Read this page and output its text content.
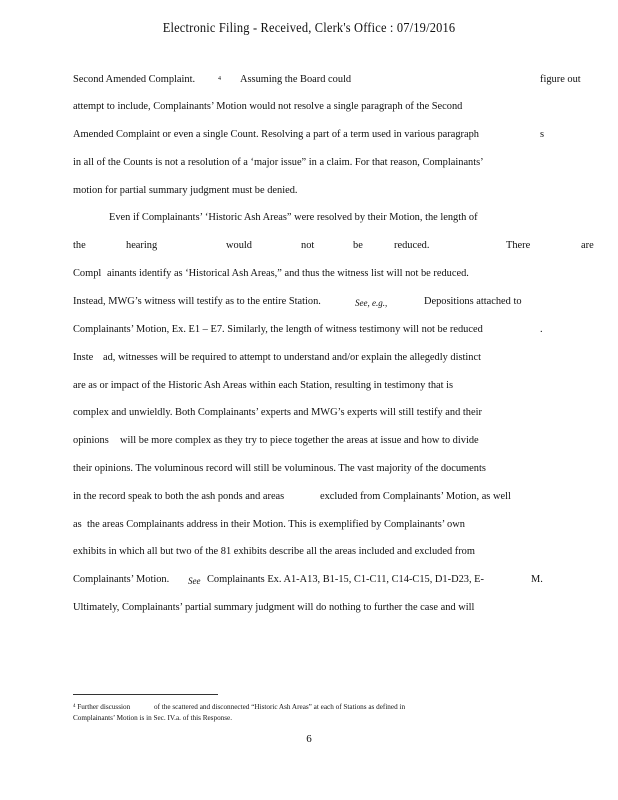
Electronic Filing - Received, Clerk's Office : 07/19/2016
Second Amended Complaint.	4 Assuming the Board could	figure out
attempt to include, Complainants’ Motion would not resolve a single paragraph of the Second
Amended Complaint or even a single Count. Resolving a part of a term used in various paragraph	s
in all of the Counts is not a resolution of a ‘major issue” in a claim. For that reason, Complainants’
motion for partial summary judgment must be denied.
Even if Complainants’ ‘Historic Ash Areas” were resolved by their Motion, the length of
the	hearing	would	not	be	reduced.	There	are
Compl ainants identify as ‘Historical Ash Areas,” and thus the witness list will not be reduced.
Instead, MWG’s witness will testify as to the entire Station.	See, e.g.,	Depositions attached to
Complainants’ Motion, Ex. E1 – E7. Similarly, the length of witness testimony will not be reduced	.
Inste ad, witnesses will be required to attempt to understand and/or explain the allegedly distinct
are as or impact of the Historic Ash Areas within each Station, resulting in testimony that is
complex and unwieldly. Both Complainants’ experts and MWG’s experts will still testify and their
opinions will be more complex as they try to piece together the areas at issue and how to divide
their opinions. The voluminous record will still be voluminous. The vast majority of the documents
in the record speak to both the ash ponds and areas	excluded from Complainants’ Motion, as well
as the areas Complainants address in their Motion. This is exemplified by Complainants’ own
exhibits in which all but two of the 81 exhibits describe all the areas included and excluded from
Complainants’ Motion. See Complainants Ex. A1-A13, B1-15, C1-C11, C14-C15, D1-D23, E-	M.
Ultimately, Complainants’ partial summary judgment will do nothing to further the case and will
$^4$ Further discussion	of the scattered and disconnected “Historic Ash Areas” at each of Stations as defined in
Complainants’ Motion is in Sec. IV.a. of this Response.
6
